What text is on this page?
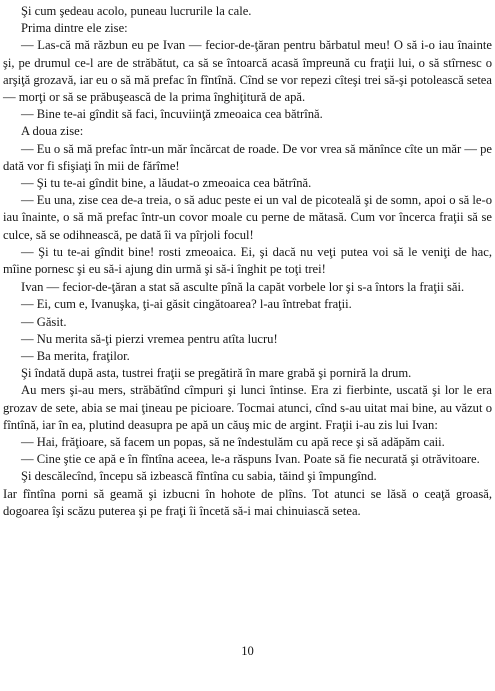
Şi cum şedeau acolo, puneau lucrurile la cale.

Prima dintre ele zise:

— Las-că mă răzbun eu pe Ivan — fecior-de-ţăran pentru bărbatul meu! O să i-o iau înainte şi, pe drumul ce-l are de străbătut, ca să se întoarcă acasă împreună cu fraţii lui, o să stîrnesc o arşiţă grozavă, iar eu o să mă prefac în fîntînă. Cînd se vor repezi cîteşi trei să-şi potolească setea — morţi or să se prăbuşească de la prima înghiţitură de apă.

— Bine te-ai gîndit să faci, încuviinţă zmeoaica cea bătrînă.

A doua zise:

— Eu o să mă prefac într-un măr încărcat de roade. De vor vrea să mănînce cîte un măr — pe dată vor fi sfişiaţi în mii de fărîme!

— Şi tu te-ai gîndit bine, a lăudat-o zmeoaica cea bătrînă.

— Eu una, zise cea de-a treia, o să aduc peste ei un val de picoteală şi de somn, apoi o să le-o iau înainte, o să mă prefac într-un covor moale cu perne de mătasă. Cum vor încerca fraţii să se culce, să se odihnească, pe dată îi va pîrjoli focul!

— Şi tu te-ai gîndit bine! rosti zmeoaica. Ei, şi dacă nu veţi putea voi să le veniţi de hac, mîine pornesc şi eu să-i ajung din urmă şi să-i înghit pe toţi trei!

Ivan — fecior-de-ţăran a stat să asculte pînă la capăt vorbele lor şi s-a întors la fraţii săi.

— Ei, cum e, Ivanuşka, ţi-ai găsit cingătoarea? l-au întrebat fraţii.

— Găsit.

— Nu merita să-ţi pierzi vremea pentru atîta lucru!

— Ba merita, fraţilor.

Şi îndată după asta, tustrei fraţii se pregătiră în mare grabă şi porniră la drum.

Au mers şi-au mers, străbătînd cîmpuri şi lunci întinse. Era zi fierbinte, uscată şi lor le era grozav de sete, abia se mai ţineau pe picioare. Tocmai atunci, cînd s-au uitat mai bine, au văzut o fîntînă, iar în ea, plutind deasupra pe apă un căuş mic de argint. Fraţii i-au zis lui Ivan:

— Hai, frăţioare, să facem un popas, să ne îndestulăm cu apă rece şi să adăpăm caii.

— Cine ştie ce apă e în fîntîna aceea, le-a răspuns Ivan. Poate să fie necurată şi otrăvitoare.

Şi descălecînd, începu să izbească fîntîna cu sabia, tăind şi împungînd.

Iar fîntîna porni să geamă şi izbucni în hohote de plîns. Tot atunci se lăsă o ceaţă groasă, dogoarea îşi scăzu puterea şi pe fraţi îi încetă să-i mai chinuiască setea.

10
